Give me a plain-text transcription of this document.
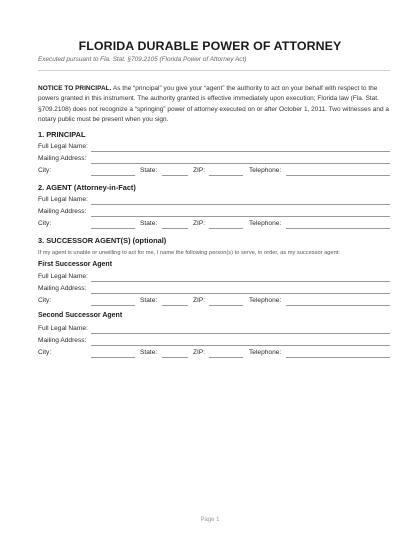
FLORIDA DURABLE POWER OF ATTORNEY
Executed pursuant to Fla. Stat. §709.2105 (Florida Power of Attorney Act)
NOTICE TO PRINCIPAL. As the “principal” you give your “agent” the authority to act on your behalf with respect to the powers granted in this instrument. The authority granted is effective immediately upon execution; Florida law (Fla. Stat. §709.2108) does not recognize a “springing” power of attorney executed on or after October 1, 2011. Two witnesses and a notary public must be present when you sign.
1. PRINCIPAL
Full Legal Name:
Mailing Address:
City:	State:	ZIP:	Telephone:
2. AGENT (Attorney-in-Fact)
Full Legal Name:
Mailing Address:
City:	State:	ZIP:	Telephone:
3. SUCCESSOR AGENT(S) (optional)
If my agent is unable or unwilling to act for me, I name the following person(s) to serve, in order, as my successor agent:
First Successor Agent
Full Legal Name:
Mailing Address:
City:	State:	ZIP:	Telephone:
Second Successor Agent
Full Legal Name:
Mailing Address:
City:	State:	ZIP:	Telephone:
Page 1
